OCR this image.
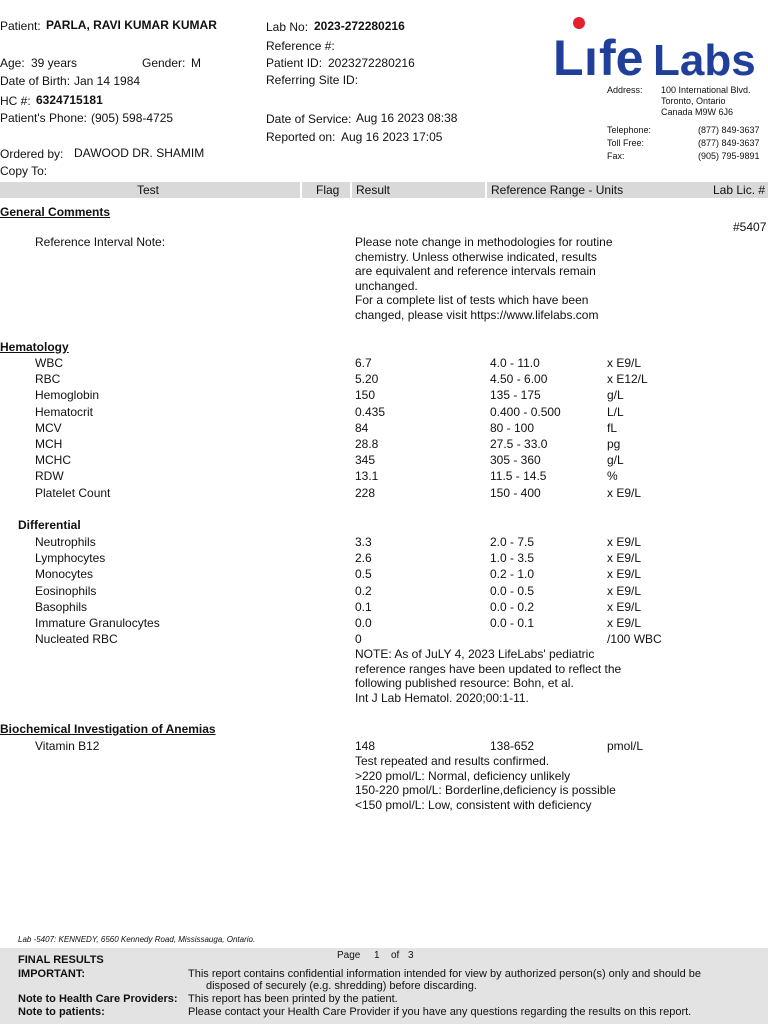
Patient: PARLA, RAVI KUMAR KUMAR
Age: 39 years	Gender: M
Date of Birth: Jan 14 1984
HC #: 6324715181
Patient's Phone: (905) 598-4725
Ordered by: DAWOOD DR. SHAMIM
Copy To:
Lab No: 2023-272280216
Reference #:
Patient ID: 2023272280216
Referring Site ID:
Date of Service: Aug 16 2023 08:38
Reported on: Aug 16 2023 17:05
L ı fe Labs
Address: 100 International Blvd.
Toronto, Ontario
Canada M9W 6J6
Telephone:	(877) 849-3637
Toll Free:	(877) 849-3637
Fax:	(905) 795-9891
Test	Flag Result	Reference Range - Units	Lab Lic. #
General Comments
#5407
Reference Interval Note:	Please note change in methodologies for routine
chemistry. Unless otherwise indicated, results
are equivalent and reference intervals remain
unchanged.
For a complete list of tests which have been
changed, please visit https://www.lifelabs.com
Hematology
WBC	6.7	4.0 - 11.0	x E9/L
RBC	5.20	4.50 - 6.00	x E12/L
Hemoglobin	150	135 - 175	g/L
Hematocrit	0.435	0.400 - 0.500	L/L
MCV	84	80 - 100	fL
MCH	28.8	27.5 - 33.0	pg
MCHC	345	305 - 360	g/L
RDW	13.1	11.5 - 14.5	%
Platelet Count	228	150 - 400	x E9/L
Differential
Neutrophils	3.3	2.0 - 7.5	x E9/L
Lymphocytes	2.6	1.0 - 3.5	x E9/L
Monocytes	0.5	0.2 - 1.0	x E9/L
Eosinophils	0.2	0.0 - 0.5	x E9/L
Basophils	0.1	0.0 - 0.2	x E9/L
Immature Granulocytes	0.0	0.0 - 0.1	x E9/L
Nucleated RBC	0	/100 WBC
NOTE: As of JuLY 4, 2023 LifeLabs' pediatric
reference ranges have been updated to reflect the
following published resource: Bohn, et al.
Int J Lab Hematol. 2020;00:1-11.
Biochemical Investigation of Anemias
Vitamin B12	148	138-652	pmol/L
Test repeated and results confirmed.
>220 pmol/L: Normal, deficiency unlikely
150-220 pmol/L: Borderline,deficiency is possible
<150 pmol/L: Low, consistent with deficiency
Lab -5407: KENNEDY, 6560 Kennedy Road, Mississauga, Ontario.
Page 1 of 3
FINAL RESULTS
IMPORTANT:	This report contains confidential information intended for view by authorized person(s) only and should be
disposed of securely (e.g. shredding) before discarding.
Note to Health Care Providers: This report has been printed by the patient.
Note to patients:	Please contact your Health Care Provider if you have any questions regarding the results on this report.
